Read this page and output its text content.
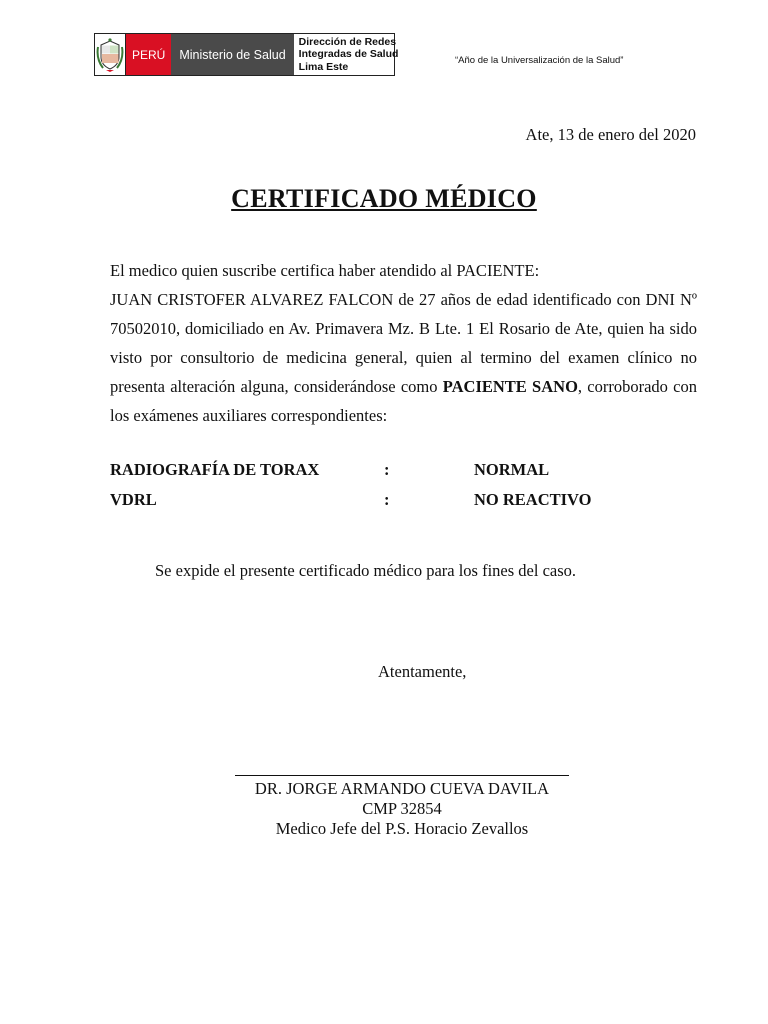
PERÚ	Ministerio de Salud
Dirección de Redes
Integradas de Salud
Lima Este
“Año de la Universalización de la Salud”
Ate, 13 de enero del 2020
CERTIFICADO MÉDICO

El medico quien suscribe certifica haber atendido al PACIENTE:

JUAN CRISTOFER ALVAREZ FALCON de 27 años de edad identificado con DNI Nº 70502010, domiciliado en Av. Primavera Mz. B Lte. 1 El Rosario de Ate, quien ha sido visto por consultorio de medicina general, quien al termino del examen clínico no presenta alteración alguna, considerándose como PACIENTE SANO, corroborado con los exámenes auxiliares correspondientes:

RADIOGRAFÍA DE TORAX	:	NORMAL
VDRL	:	NO REACTIVO
Se expide el presente certificado médico para los fines del caso.
Atentamente,
DR. JORGE ARMANDO CUEVA DAVILA
CMP 32854
Medico Jefe del P.S. Horacio Zevallos
